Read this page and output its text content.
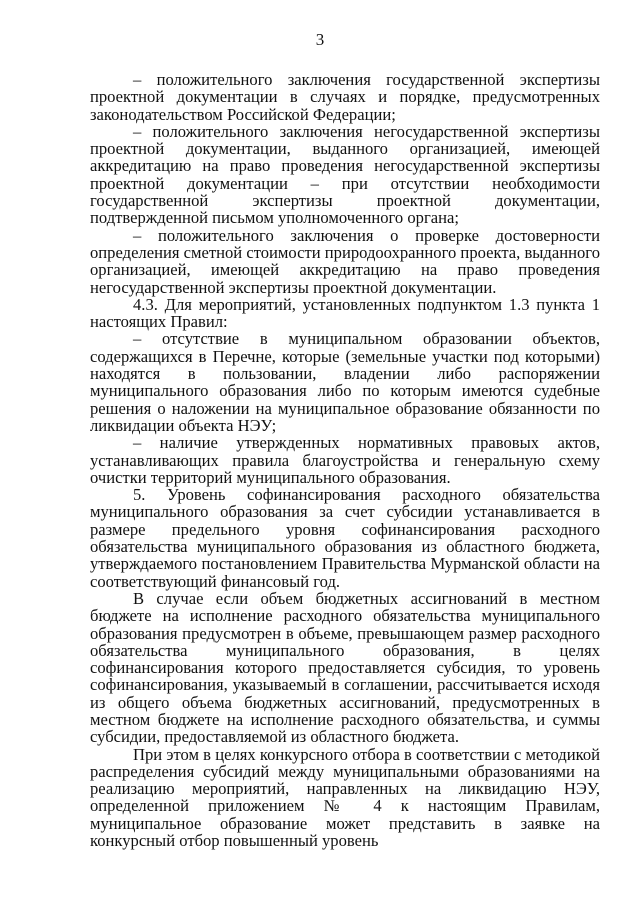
3

– положительного заключения государственной экспертизы проектной документации в случаях и порядке, предусмотренных законодательством Российской Федерации;

– положительного заключения негосударственной экспертизы проектной документации, выданного организацией, имеющей аккредитацию на право проведения негосударственной экспертизы проектной документации – при отсутствии необходимости государственной экспертизы проектной документации, подтвержденной письмом уполномоченного органа;

– положительного заключения о проверке достоверности определения сметной стоимости природоохранного проекта, выданного организацией, имеющей аккредитацию на право проведения негосударственной экспертизы проектной документации.

4.3. Для мероприятий, установленных подпунктом 1.3 пункта 1 настоящих Правил:

– отсутствие в муниципальном образовании объектов, содержащихся в Перечне, которые (земельные участки под которыми) находятся в пользовании, владении либо распоряжении муниципального образования либо по которым имеются судебные решения о наложении на муниципальное образование обязанности по ликвидации объекта НЭУ;

– наличие утвержденных нормативных правовых актов, устанавливающих правила благоустройства и генеральную схему очистки территорий муниципального образования.

5. Уровень софинансирования расходного обязательства муниципального образования за счет субсидии устанавливается в размере предельного уровня софинансирования расходного обязательства муниципального образования из областного бюджета, утверждаемого постановлением Правительства Мурманской области на соответствующий финансовый год.

В случае если объем бюджетных ассигнований в местном бюджете на исполнение расходного обязательства муниципального образования предусмотрен в объеме, превышающем размер расходного обязательства муниципального образования, в целях софинансирования которого предоставляется субсидия, то уровень софинансирования, указываемый в соглашении, рассчитывается исходя из общего объема бюджетных ассигнований, предусмотренных в местном бюджете на исполнение расходного обязательства, и суммы субсидии, предоставляемой из областного бюджета.

При этом в целях конкурсного отбора в соответствии с методикой распределения субсидий между муниципальными образованиями на реализацию мероприятий, направленных на ликвидацию НЭУ, определенной приложением № 4 к настоящим Правилам, муниципальное образование может представить в заявке на конкурсный отбор повышенный уровень
